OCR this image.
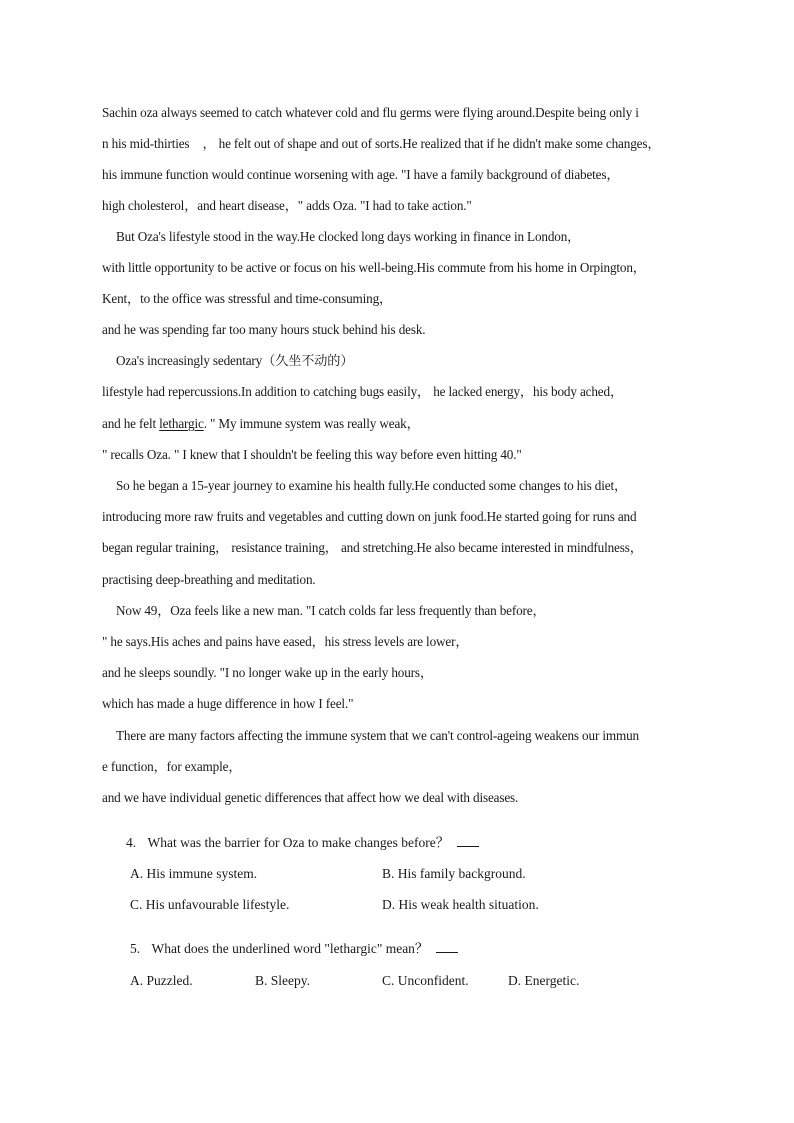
Sachin oza always seemed to catch whatever cold and flu germs were flying around.Despite being only i
n his mid-thirties　， he felt out of shape and out of sorts.He realized that if he didn't make some changes，
his immune function would continue worsening with age. "I have a family background of diabetes，
high cholesterol，and heart disease，" adds Oza. "I had to take action."
But Oza's lifestyle stood in the way.He clocked long days working in finance in London，
with little opportunity to be active or focus on his well-being.His commute from his home in Orpington，
Kent，to the office was stressful and time-consuming，
and he was spending far too many hours stuck behind his desk.
Oza's increasingly sedentary（久坐不动的）
lifestyle had repercussions.In addition to catching bugs easily， he lacked energy，his body ached，
and he felt lethargic. " My immune system was really weak，
" recalls Oza. " I knew that I shouldn't be feeling this way before even hitting 40."
So he began a 15-year journey to examine his health fully.He conducted some changes to his diet，
introducing more raw fruits and vegetables and cutting down on junk food.He started going for runs and
began regular training， resistance training， and stretching.He also became interested in mindfulness，
practising deep-breathing and meditation.
Now 49，Oza feels like a new man. "I catch colds far less frequently than before，
" he says.His aches and pains have eased，his stress levels are lower，
and he sleeps soundly. "I no longer wake up in the early hours，
which has made a huge difference in how I feel."
There are many factors affecting the immune system that we can't control-ageing weakens our immun
e function，for example，
and we have individual genetic differences that affect how we deal with diseases.
4. What was the barrier for Oza to make changes before？
A. His immune system.	B. His family background.
C. His unfavourable lifestyle.	D. His weak health situation.
5. What does the underlined word "lethargic" mean？
A. Puzzled.	B. Sleepy.	C. Unconfident.	D. Energetic.
